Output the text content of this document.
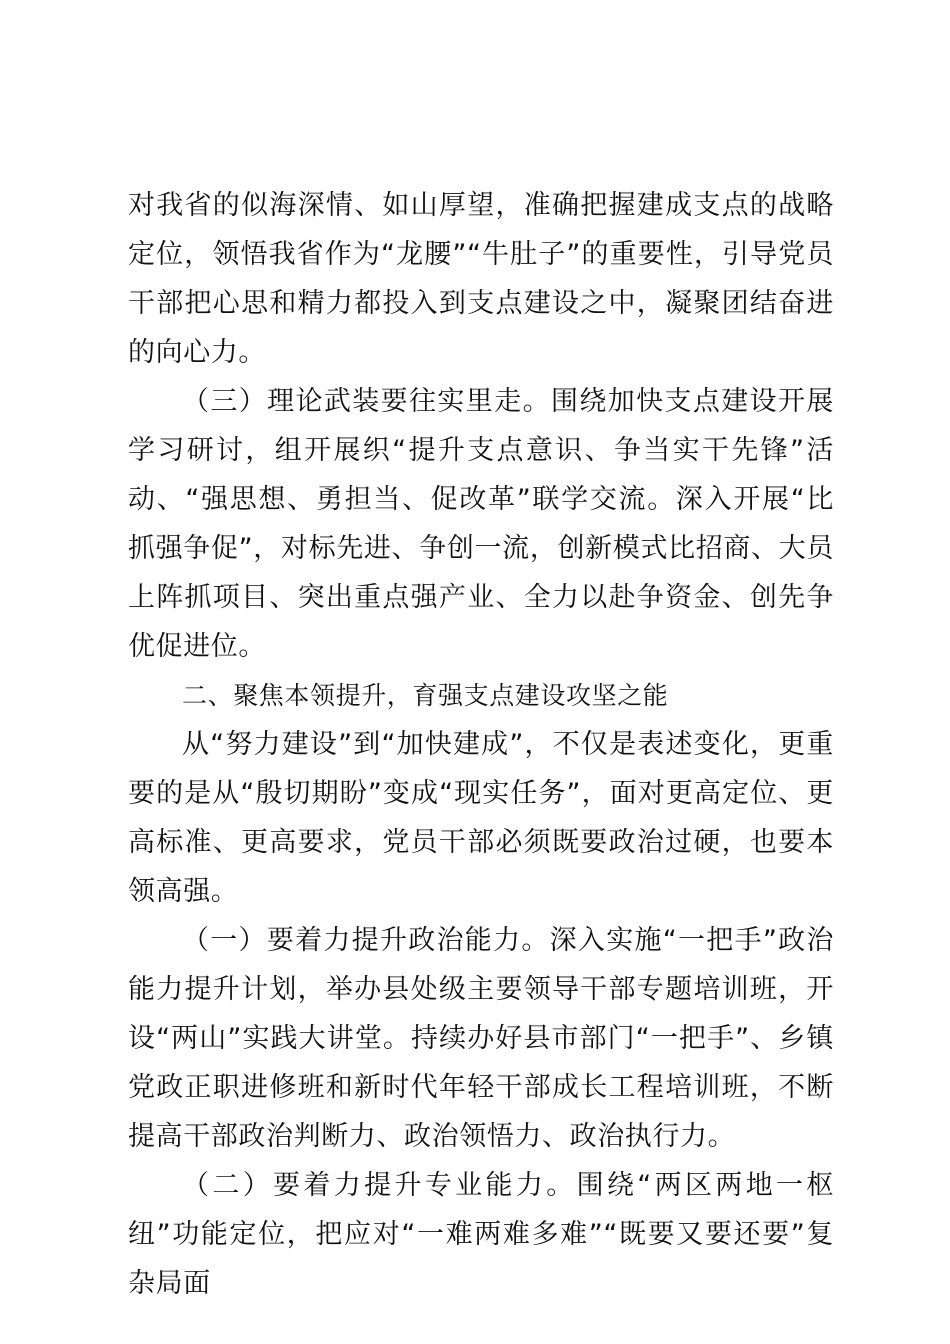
对我省的似海深情、如山厚望，准确把握建成支点的战略定位，领悟我省作为“龙腰”“牛肚子”的重要性，引导党员干部把心思和精力都投入到支点建设之中，凝聚团结奋进的向心力。

（三）理论武装要往实里走。围绕加快支点建设开展学习研讨，组开展织“提升支点意识、争当实干先锋”活动、“强思想、勇担当、促改革”联学交流。深入开展“比抓强争促”，对标先进、争创一流，创新模式比招商、大员上阵抓项目、突出重点强产业、全力以赴争资金、创先争优促进位。

二、聚焦本领提升，育强支点建设攻坚之能

从“努力建设”到“加快建成”，不仅是表述变化，更重要的是从“殷切期盼”变成“现实任务”，面对更高定位、更高标准、更高要求，党员干部必须既要政治过硬，也要本领高强。

（一）要着力提升政治能力。深入实施“一把手”政治能力提升计划，举办县处级主要领导干部专题培训班，开设“两山”实践大讲堂。持续办好县市部门“一把手”、乡镇党政正职进修班和新时代年轻干部成长工程培训班，不断提高干部政治判断力、政治领悟力、政治执行力。

（二）要着力提升专业能力。围绕“两区两地一枢纽”功能定位，把应对“一难两难多难”“既要又要还要”复杂局面
